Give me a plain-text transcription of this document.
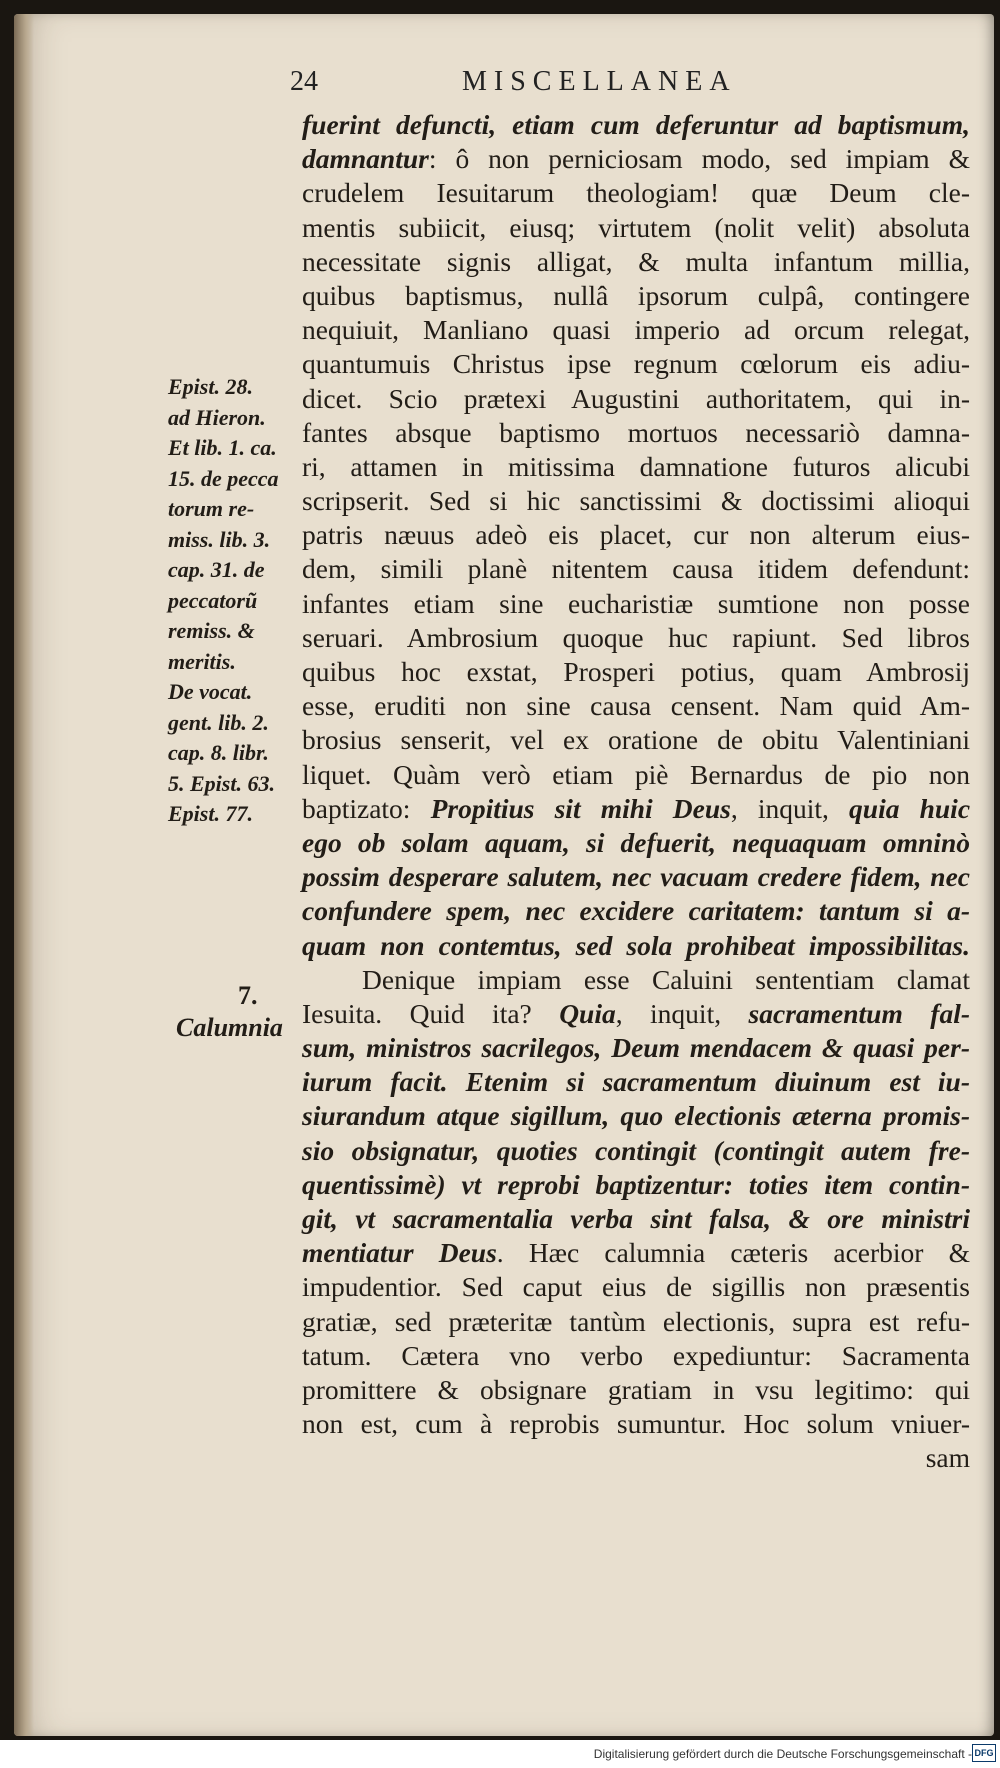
24	MISCELLANEA
fuerint defuncti, etiam cum deferuntur ad baptismum,
damnantur: ô non perniciosam modo, sed impiam &
crudelem Iesuitarum theologiam! quæ Deum cle-
mentis subiicit, eiusq; virtutem (nolit velit) absoluta
necessitate signis alligat, & multa infantum millia,
quibus baptismus, nullâ ipsorum culpâ, contingere
nequiuit, Manliano quasi imperio ad orcum relegat,
quantumuis Christus ipse regnum cœlorum eis adiu-
dicet. Scio prætexi Augustini authoritatem, qui in-
fantes absque baptismo mortuos necessariò damna-
ri, attamen in mitissima damnatione futuros alicubi
scripserit. Sed si hic sanctissimi & doctissimi alioqui
patris næuus adeò eis placet, cur non alterum eius-
dem, simili planè nitentem causa itidem defendunt:
infantes etiam sine eucharistiæ sumtione non posse
seruari. Ambrosium quoque huc rapiunt. Sed libros
quibus hoc exstat, Prosperi potius, quam Ambrosij
esse, eruditi non sine causa censent. Nam quid Am-
brosius senserit, vel ex oratione de obitu Valentiniani
liquet. Quàm verò etiam piè Bernardus de pio non
baptizato: Propitius sit mihi Deus, inquit, quia huic
ego ob solam aquam, si defuerit, nequaquam omninò
possim desperare salutem, nec vacuam credere fidem, nec
confundere spem, nec excidere caritatem: tantum si a-
quam non contemtus, sed sola prohibeat impossibilitas.
Denique impiam esse Caluini sententiam clamat
Iesuita. Quid ita? Quia, inquit, sacramentum fal-
sum, ministros sacrilegos, Deum mendacem & quasi per-
iurum facit. Etenim si sacramentum diuinum est iu-
siurandum atque sigillum, quo electionis æterna promis-
sio obsignatur, quoties contingit (contingit autem fre-
quentissimè) vt reprobi baptizentur: toties item contin-
git, vt sacramentalia verba sint falsa, & ore ministri
mentiatur Deus. Hæc calumnia cæteris acerbior &
impudentior. Sed caput eius de sigillis non præsentis
gratiæ, sed præteritæ tantùm electionis, supra est refu-
tatum. Cætera vno verbo expediuntur: Sacramenta
promittere & obsignare gratiam in vsu legitimo: qui
non est, cum à reprobis sumuntur. Hoc solum vniuer-
sam
Epist. 28.
ad Hieron.
Et lib. 1. ca.
15. de pecca
torum re-
miss. lib. 3.
cap. 31. de
peccatorũ
remiss. &
meritis.
De vocat.
gent. lib. 2.
cap. 8. libr.
5. Epist. 63.
Epist. 77.
7.
Calumnia
Digitalisierung gefördert durch die Deutsche Forschungsgemeinschaft - DFG
